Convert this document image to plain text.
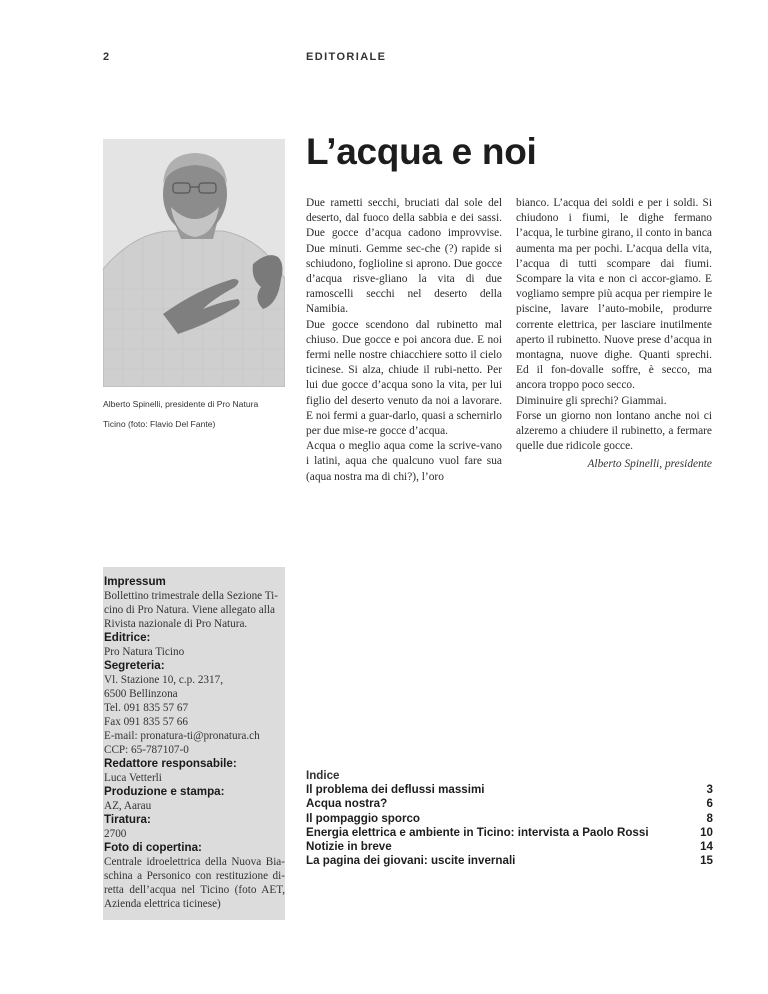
2	EDITORIALE
L’acqua e noi
Alberto Spinelli, presidente di Pro Natura
Ticino (foto: Flavio Del Fante)

Due rametti secchi, bruciati dal sole del deserto, dal fuoco della sabbia e dei sassi. Due gocce d’acqua cadono improvvise. Due minuti. Gemme sec-che (?) rapide si schiudono, foglioline si aprono. Due gocce d’acqua risve-gliano la vita di due ramoscelli secchi nel deserto della Namibia.

Due gocce scendono dal rubinetto mal chiuso. Due gocce e poi ancora due. E noi fermi nelle nostre chiacchiere sotto il cielo ticinese. Si alza, chiude il rubi-netto. Per lui due gocce d’acqua sono la vita, per lui figlio del deserto venuto da noi a lavorare. E noi fermi a guar-darlo, quasi a schernirlo per due mise-re gocce d’acqua.

Acqua o meglio aqua come la scrive-vano i latini, aqua che qualcuno vuol fare sua (aqua nostra ma di chi?), l’oro

bianco. L’acqua dei soldi e per i soldi. Si chiudono i fiumi, le dighe fermano l’acqua, le turbine girano, il conto in banca aumenta ma per pochi. L’acqua della vita, l’acqua di tutti scompare dai fiumi. Scompare la vita e non ci accor-giamo. E vogliamo sempre più acqua per riempire le piscine, lavare l’auto-mobile, produrre corrente elettrica, per lasciare inutilmente aperto il rubinetto. Nuove prese d’acqua in montagna, nuove dighe. Quanti sprechi. Ed il fon-dovalle soffre, è secco, ma ancora troppo poco secco.

Diminuire gli sprechi? Giammai.

Forse un giorno non lontano anche noi ci alzeremo a chiudere il rubinetto, a fermare quelle due ridicole gocce.

Alberto Spinelli, presidente
Impressum
Bollettino trimestrale della Sezione Ti-cino di Pro Natura. Viene allegato alla Rivista nazionale di Pro Natura.
Editrice:
Pro Natura Ticino
Segreteria:
Vl. Stazione 10, c.p. 2317,
6500 Bellinzona
Tel. 091 835 57 67
Fax 091 835 57 66
E-mail: pronatura-ti@pronatura.ch
CCP: 65-787107-0
Redattore responsabile:
Luca Vetterli
Produzione e stampa:
AZ, Aarau
Tiratura:
2700
Foto di copertina:
Centrale idroelettrica della Nuova Bia-schina a Personico con restituzione di-retta dell’acqua nel Ticino (foto AET, Azienda elettrica ticinese)
Indice
Il problema dei deflussi massimi	3
Acqua nostra?	6
Il pompaggio sporco	8
Energia elettrica e ambiente in Ticino: intervista a Paolo Rossi	10
Notizie in breve	14
La pagina dei giovani: uscite invernali	15
